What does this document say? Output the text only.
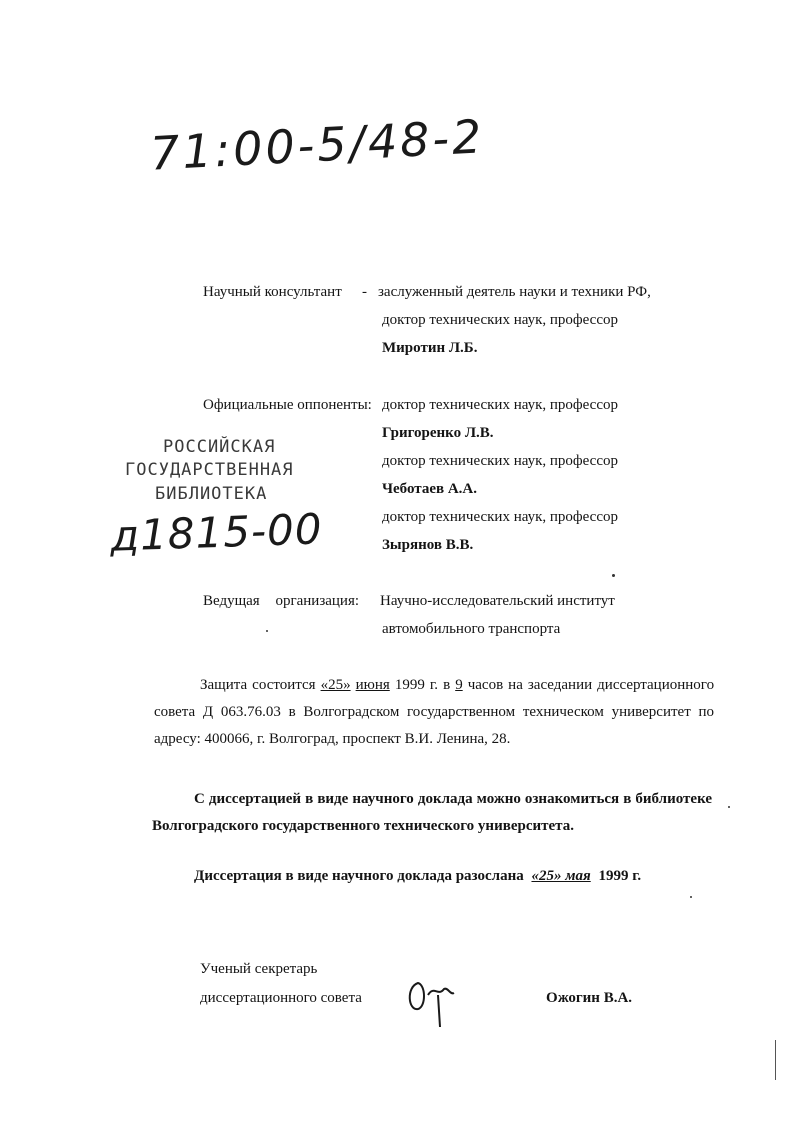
71:00-5/48-2
Научный консультант - заслуженный деятель науки и техники РФ,
доктор технических наук, профессор
Миротин Л.Б.
Официальные оппоненты: доктор технических наук, профессор
Григоренко Л.В.
доктор технических наук, профессор
Чеботаев А.А.
доктор технических наук, профессор
Зырянов В.В.
РОССИЙСКАЯ
ГОСУДАРСТВЕННАЯ
БИБЛИОТЕКА
д1815-00
Ведущая организация: Научно-исследовательский институт
автомобильного транспорта
Защита состоится «25» июня 1999 г. в 9 часов на заседании диссертационного совета Д 063.76.03 в Волгоградском государственном техническом университет по адресу: 400066, г. Волгоград, проспект В.И. Ленина, 28.
С диссертацией в виде научного доклада можно ознакомиться в библиотеке Волгоградского государственного технического университета.
Диссертация в виде научного доклада разослана «25» мая 1999 г.
Ученый секретарь
диссертационного совета	Ожогин В.А.
